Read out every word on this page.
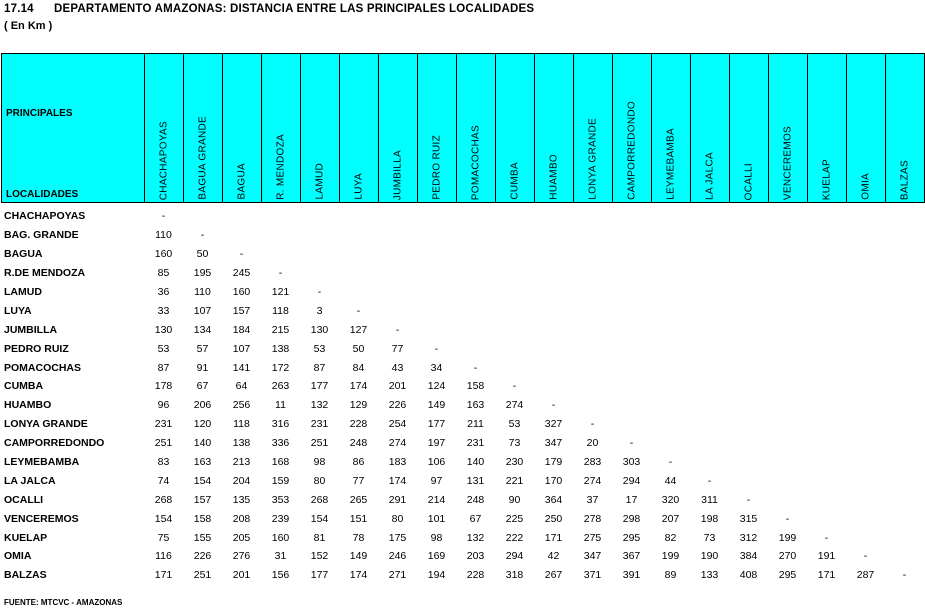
17.14 DEPARTAMENTO AMAZONAS: DISTANCIA ENTRE LAS PRINCIPALES LOCALIDADES
( En Km )
PRINCIPALES

LOCALIDADES	CHACHAPOYAS	BAGUA GRANDE	BAGUA	R. MENDOZA	LAMUD	LUYA	JUMBILLA	PEDRO RUIZ	POMACOCHAS	CUMBA	HUAMBO	LONYA GRANDE	CAMPORREDONDO	LEYMEBAMBA	LA JALCA	OCALLI	VENCEREMOS	KUELAP	OMIA	BALZAS
CHACHAPOYAS	-																			
BAG. GRANDE	110	-																		
BAGUA	160	50	-																	
R.DE MENDOZA	85	195	245	-																
LAMUD	36	110	160	121	-															
LUYA	33	107	157	118	3	-														
JUMBILLA	130	134	184	215	130	127	-													
PEDRO RUIZ	53	57	107	138	53	50	77	-												
POMACOCHAS	87	91	141	172	87	84	43	34	-											
CUMBA	178	67	64	263	177	174	201	124	158	-										
HUAMBO	96	206	256	11	132	129	226	149	163	274	-									
LONYA GRANDE	231	120	118	316	231	228	254	177	211	53	327	-								
CAMPORREDONDO	251	140	138	336	251	248	274	197	231	73	347	20	-							
LEYMEBAMBA	83	163	213	168	98	86	183	106	140	230	179	283	303	-						
LA JALCA	74	154	204	159	80	77	174	97	131	221	170	274	294	44	-					
OCALLI	268	157	135	353	268	265	291	214	248	90	364	37	17	320	311	-				
VENCEREMOS	154	158	208	239	154	151	80	101	67	225	250	278	298	207	198	315	-			
KUELAP	75	155	205	160	81	78	175	98	132	222	171	275	295	82	73	312	199	-		
OMIA	116	226	276	31	152	149	246	169	203	294	42	347	367	199	190	384	270	191	-	
BALZAS	171	251	201	156	177	174	271	194	228	318	267	371	391	89	133	408	295	171	287	-
FUENTE: MTCVC - AMAZONAS
